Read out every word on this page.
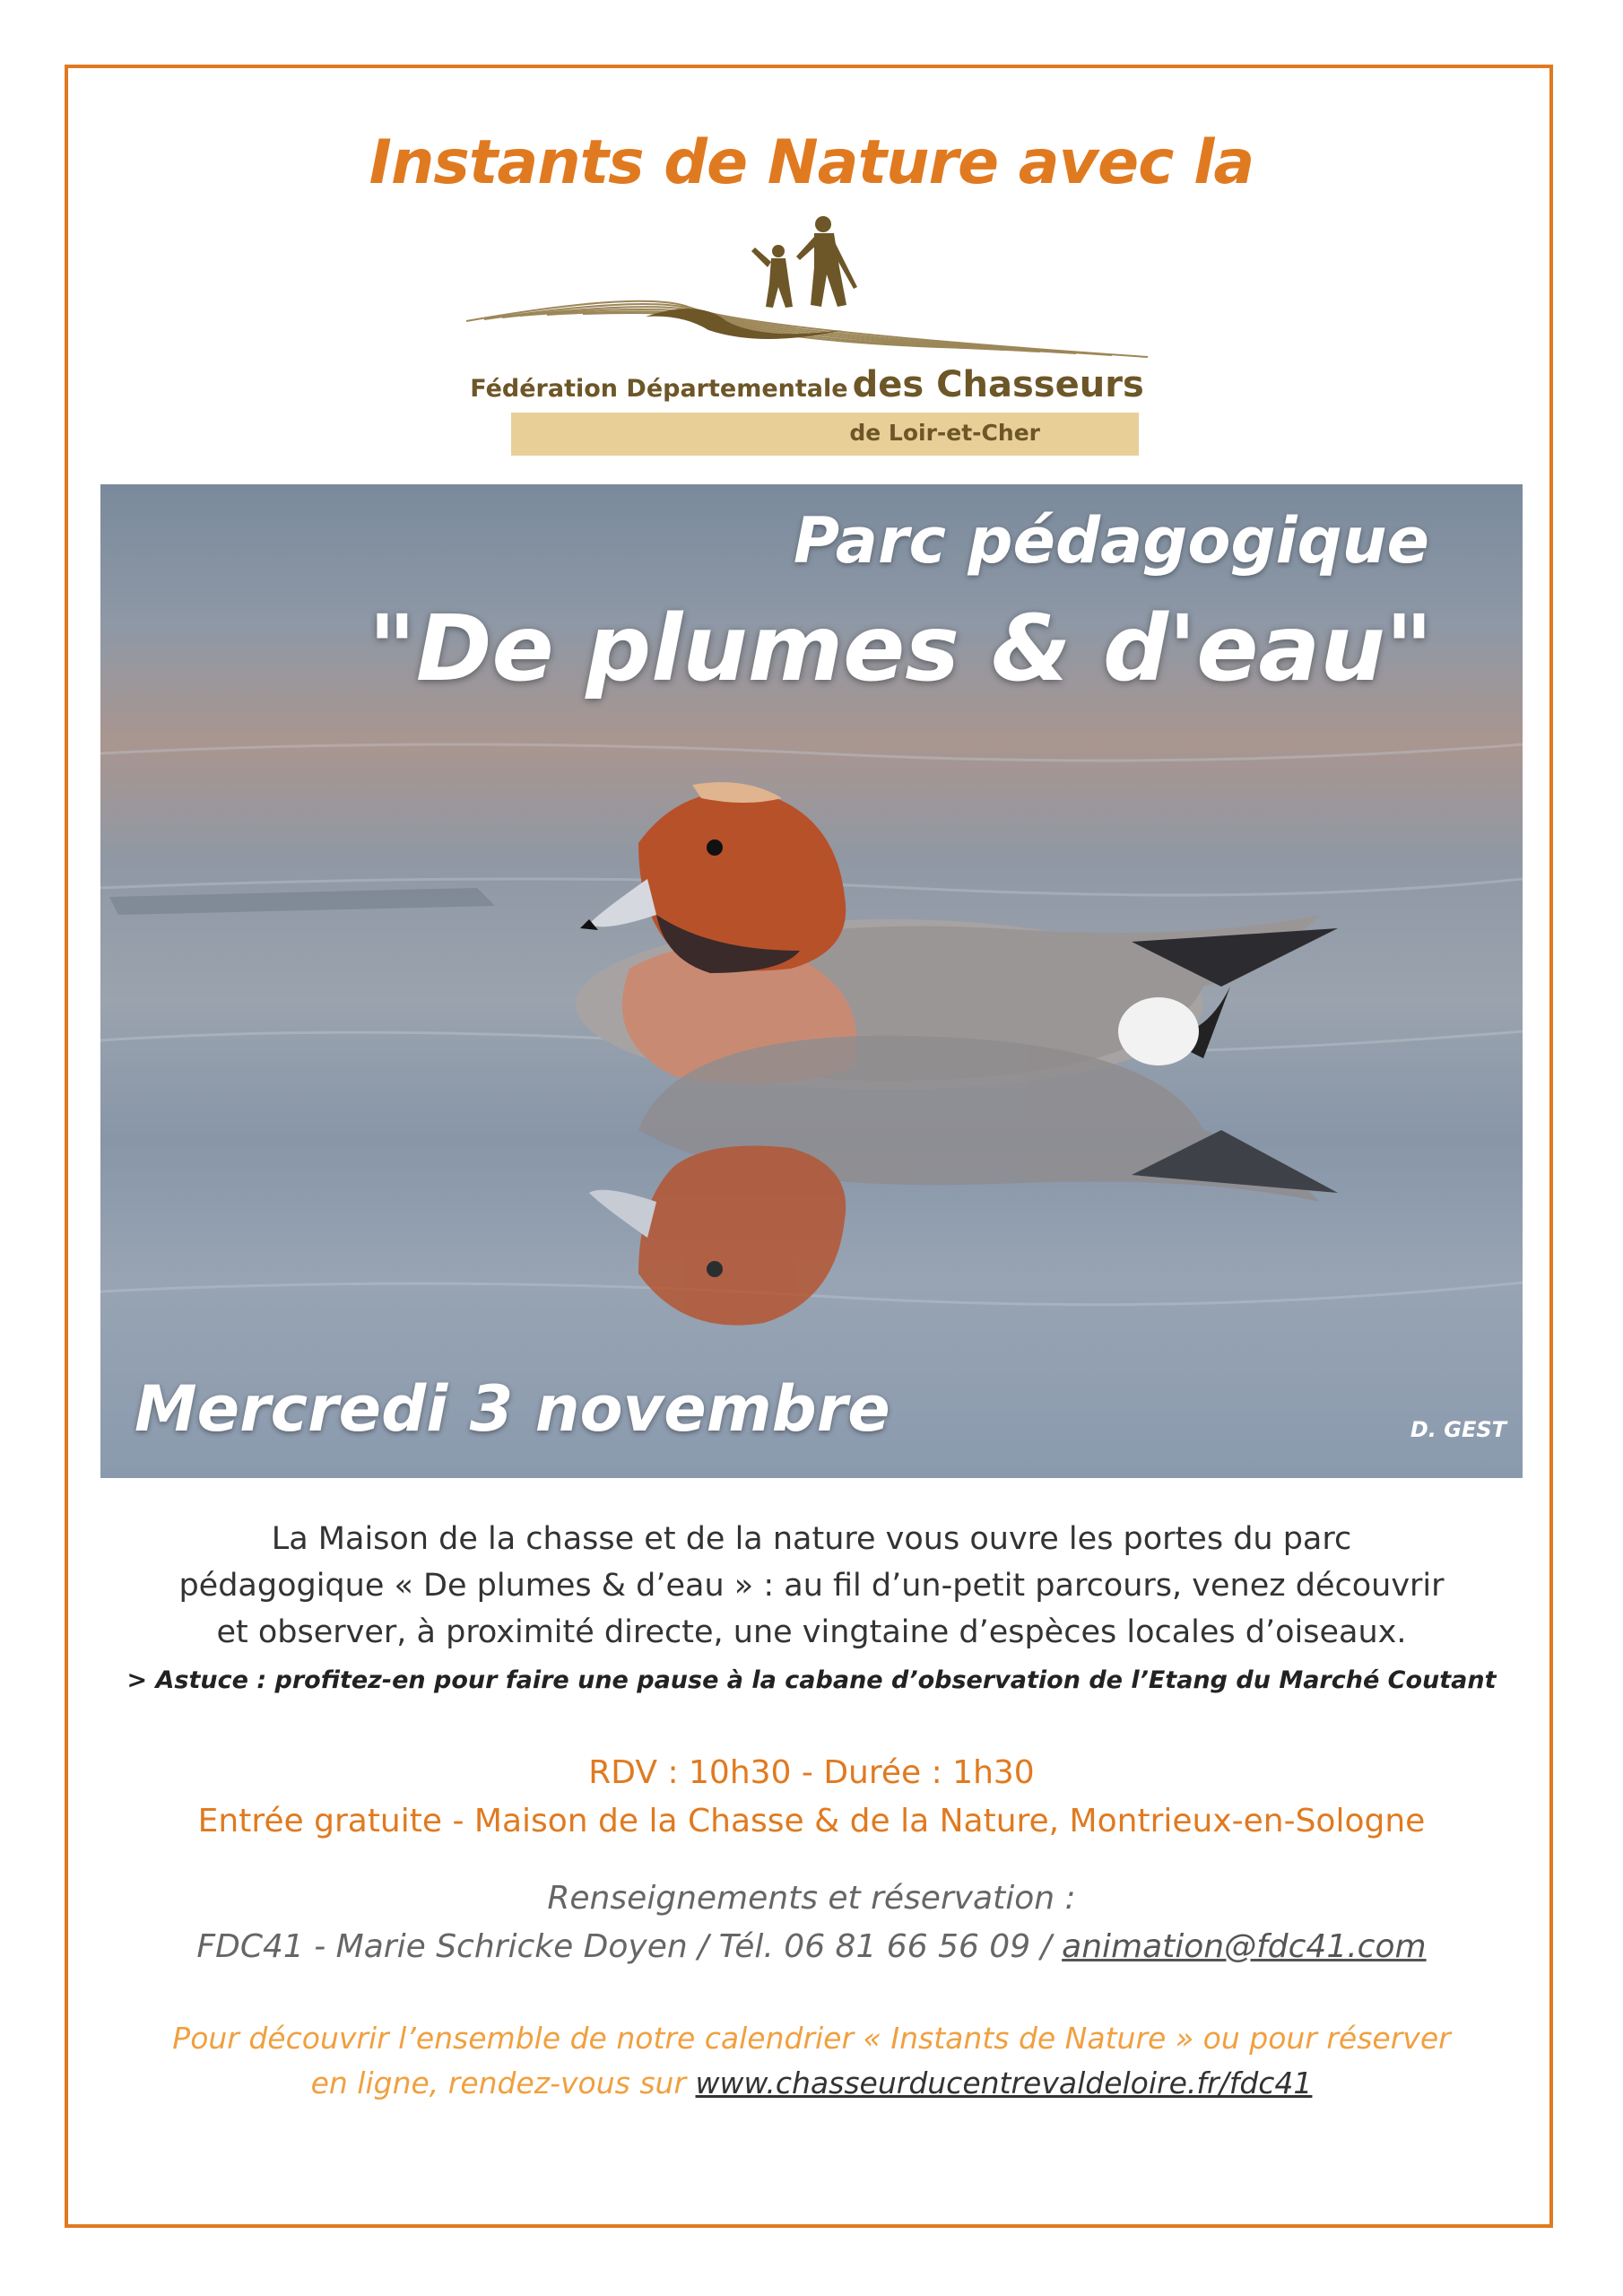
Instants de Nature avec la
Fédération Départementale des Chasseurs
de Loir-et-Cher
Parc pédagogique
"De plumes & d'eau"
Mercredi 3 novembre	D. GEST
La Maison de la chasse et de la nature vous ouvre les portes du parc
pédagogique « De plumes & d’eau » : au fil d’un-petit parcours, venez découvrir
et observer, à proximité directe, une vingtaine d’espèces locales d’oiseaux.
> Astuce : profitez-en pour faire une pause à la cabane d’observation de l’Etang du Marché Coutant
RDV : 10h30 - Durée : 1h30
Entrée gratuite - Maison de la Chasse & de la Nature, Montrieux-en-Sologne
Renseignements et réservation :
FDC41 - Marie Schricke Doyen / Tél. 06 81 66 56 09 / animation@fdc41.com
Pour découvrir l’ensemble de notre calendrier « Instants de Nature » ou pour réserver
en ligne, rendez-vous sur www.chasseurducentrevaldeloire.fr/fdc41
